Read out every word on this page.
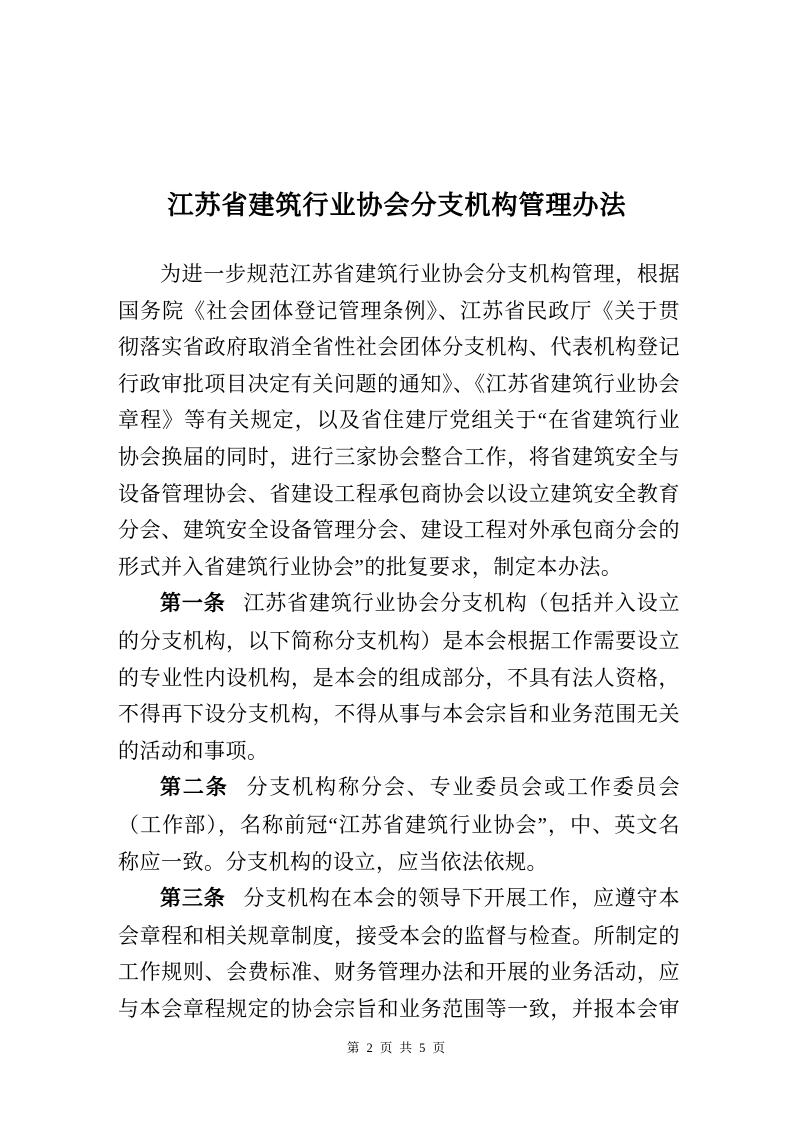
江苏省建筑行业协会分支机构管理办法

为进一步规范江苏省建筑行业协会分支机构管理，根据国务院《社会团体登记管理条例》、江苏省民政厅《关于贯彻落实省政府取消全省性社会团体分支机构、代表机构登记行政审批项目决定有关问题的通知》、《江苏省建筑行业协会章程》等有关规定，以及省住建厅党组关于“在省建筑行业协会换届的同时，进行三家协会整合工作，将省建筑安全与设备管理协会、省建设工程承包商协会以设立建筑安全教育分会、建筑安全设备管理分会、建设工程对外承包商分会的形式并入省建筑行业协会”的批复要求，制定本办法。

第一条 江苏省建筑行业协会分支机构（包括并入设立的分支机构，以下简称分支机构）是本会根据工作需要设立的专业性内设机构，是本会的组成部分，不具有法人资格，不得再下设分支机构，不得从事与本会宗旨和业务范围无关的活动和事项。

第二条 分支机构称分会、专业委员会或工作委员会（工作部），名称前冠“江苏省建筑行业协会”，中、英文名称应一致。分支机构的设立，应当依法依规。

第三条 分支机构在本会的领导下开展工作，应遵守本会章程和相关规章制度，接受本会的监督与检查。所制定的工作规则、会费标准、财务管理办法和开展的业务活动，应与本会章程规定的协会宗旨和业务范围等一致，并报本会审

第 2 页 共 5 页
